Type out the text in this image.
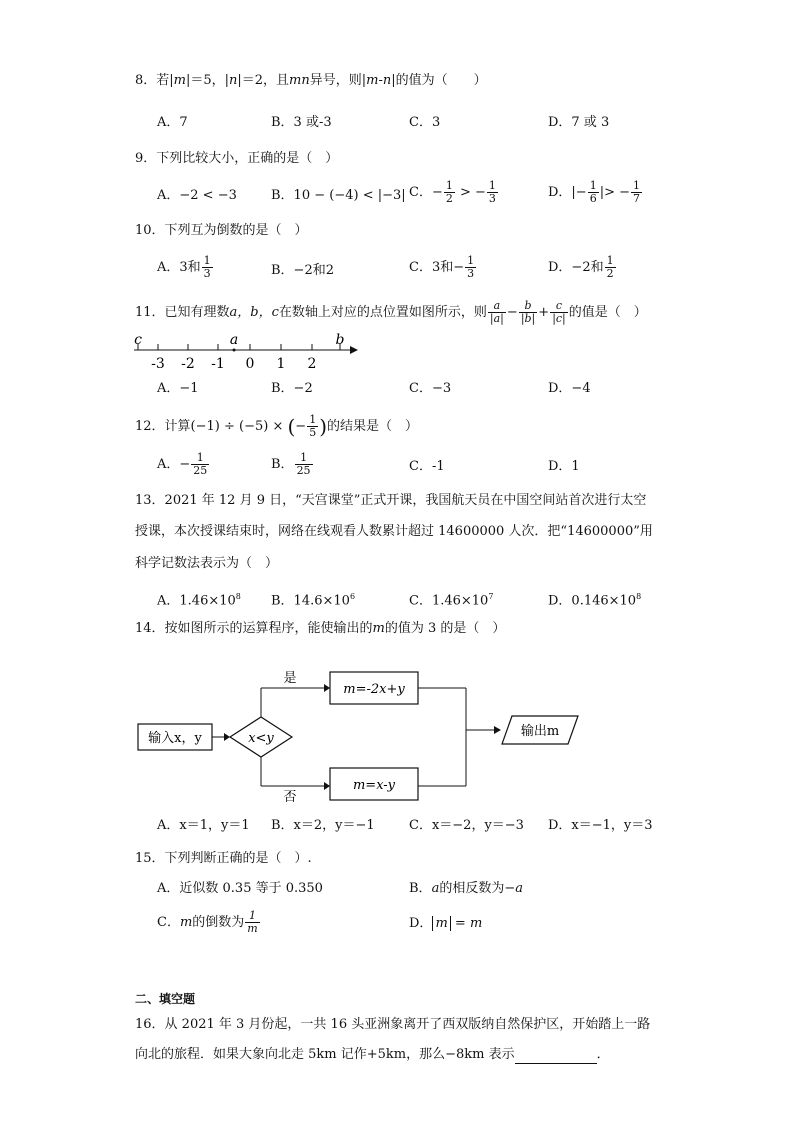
8．若|m|＝5，|n|＝2，且mn异号，则|m-n|的值为（　　）
A．7	B．3 或-3	C．3	D．7 或 3
9．下列比较大小，正确的是（　）
A．−2 < −3	B．10 − (−4) < |−3| C．− $\frac{1}{2}$ > − $\frac{1}{3}$	D．|− $\frac{1}{6}$ |> − $\frac{1}{7}$
10．下列互为倒数的是（　）
A．3和 $\frac{1}{3}$	B．−2和2	C．3和− $\frac{1}{3}$	D．−2和 $\frac{1}{2}$
11．已知有理数a，b，c在数轴上对应的点位置如图所示，则 $\frac{a}{|a|} - \frac{b}{|b|} + \frac{c}{|c|}$ 的值是（　）
c	a	b
-3 -2 -1 0 1 2
A．−1	B．−2	C．−3	D．−4
12．计算(−1) ÷ (−5) × (− $\frac{1}{5}$ )的结果是（　）
A．− $\frac{1}{25}$	B． $\frac{1}{25}$	C．-1	D．1
13．2021 年 12 月 9 日，“天宫课堂”正式开课，我国航天员在中国空间站首次进行太空
授课，本次授课结束时，网络在线观看人数累计超过 14600000 人次．把“14600000”用
科学记数法表示为（　）
A．$1.46\times 10^8$ B．$14.6\times 10^6$	C．$1.46\times 10^7$	D．$0.146\times 10^8$
14．按如图所示的运算程序，能使输出的m的值为 3 的是（　）
输入x，y	x<y
是
否
m=-2x+y
m=x-y
输出m
A．x＝1，y＝1 B．x＝2，y＝−1	C．x＝−2，y＝−3 D．x＝−1，y＝3
15．下列判断正确的是（　）.
A．近似数 0.35 等于 0.350	B．a的相反数为−a
C．m的倒数为 $\frac{1}{m}$	D． m = m
二、填空题
16．从 2021 年 3 月份起，一共 16 头亚洲象离开了西双版纳自然保护区，开始踏上一路
向北的旅程．如果大象向北走 5km 记作+5km，那么−8km 表示	．
